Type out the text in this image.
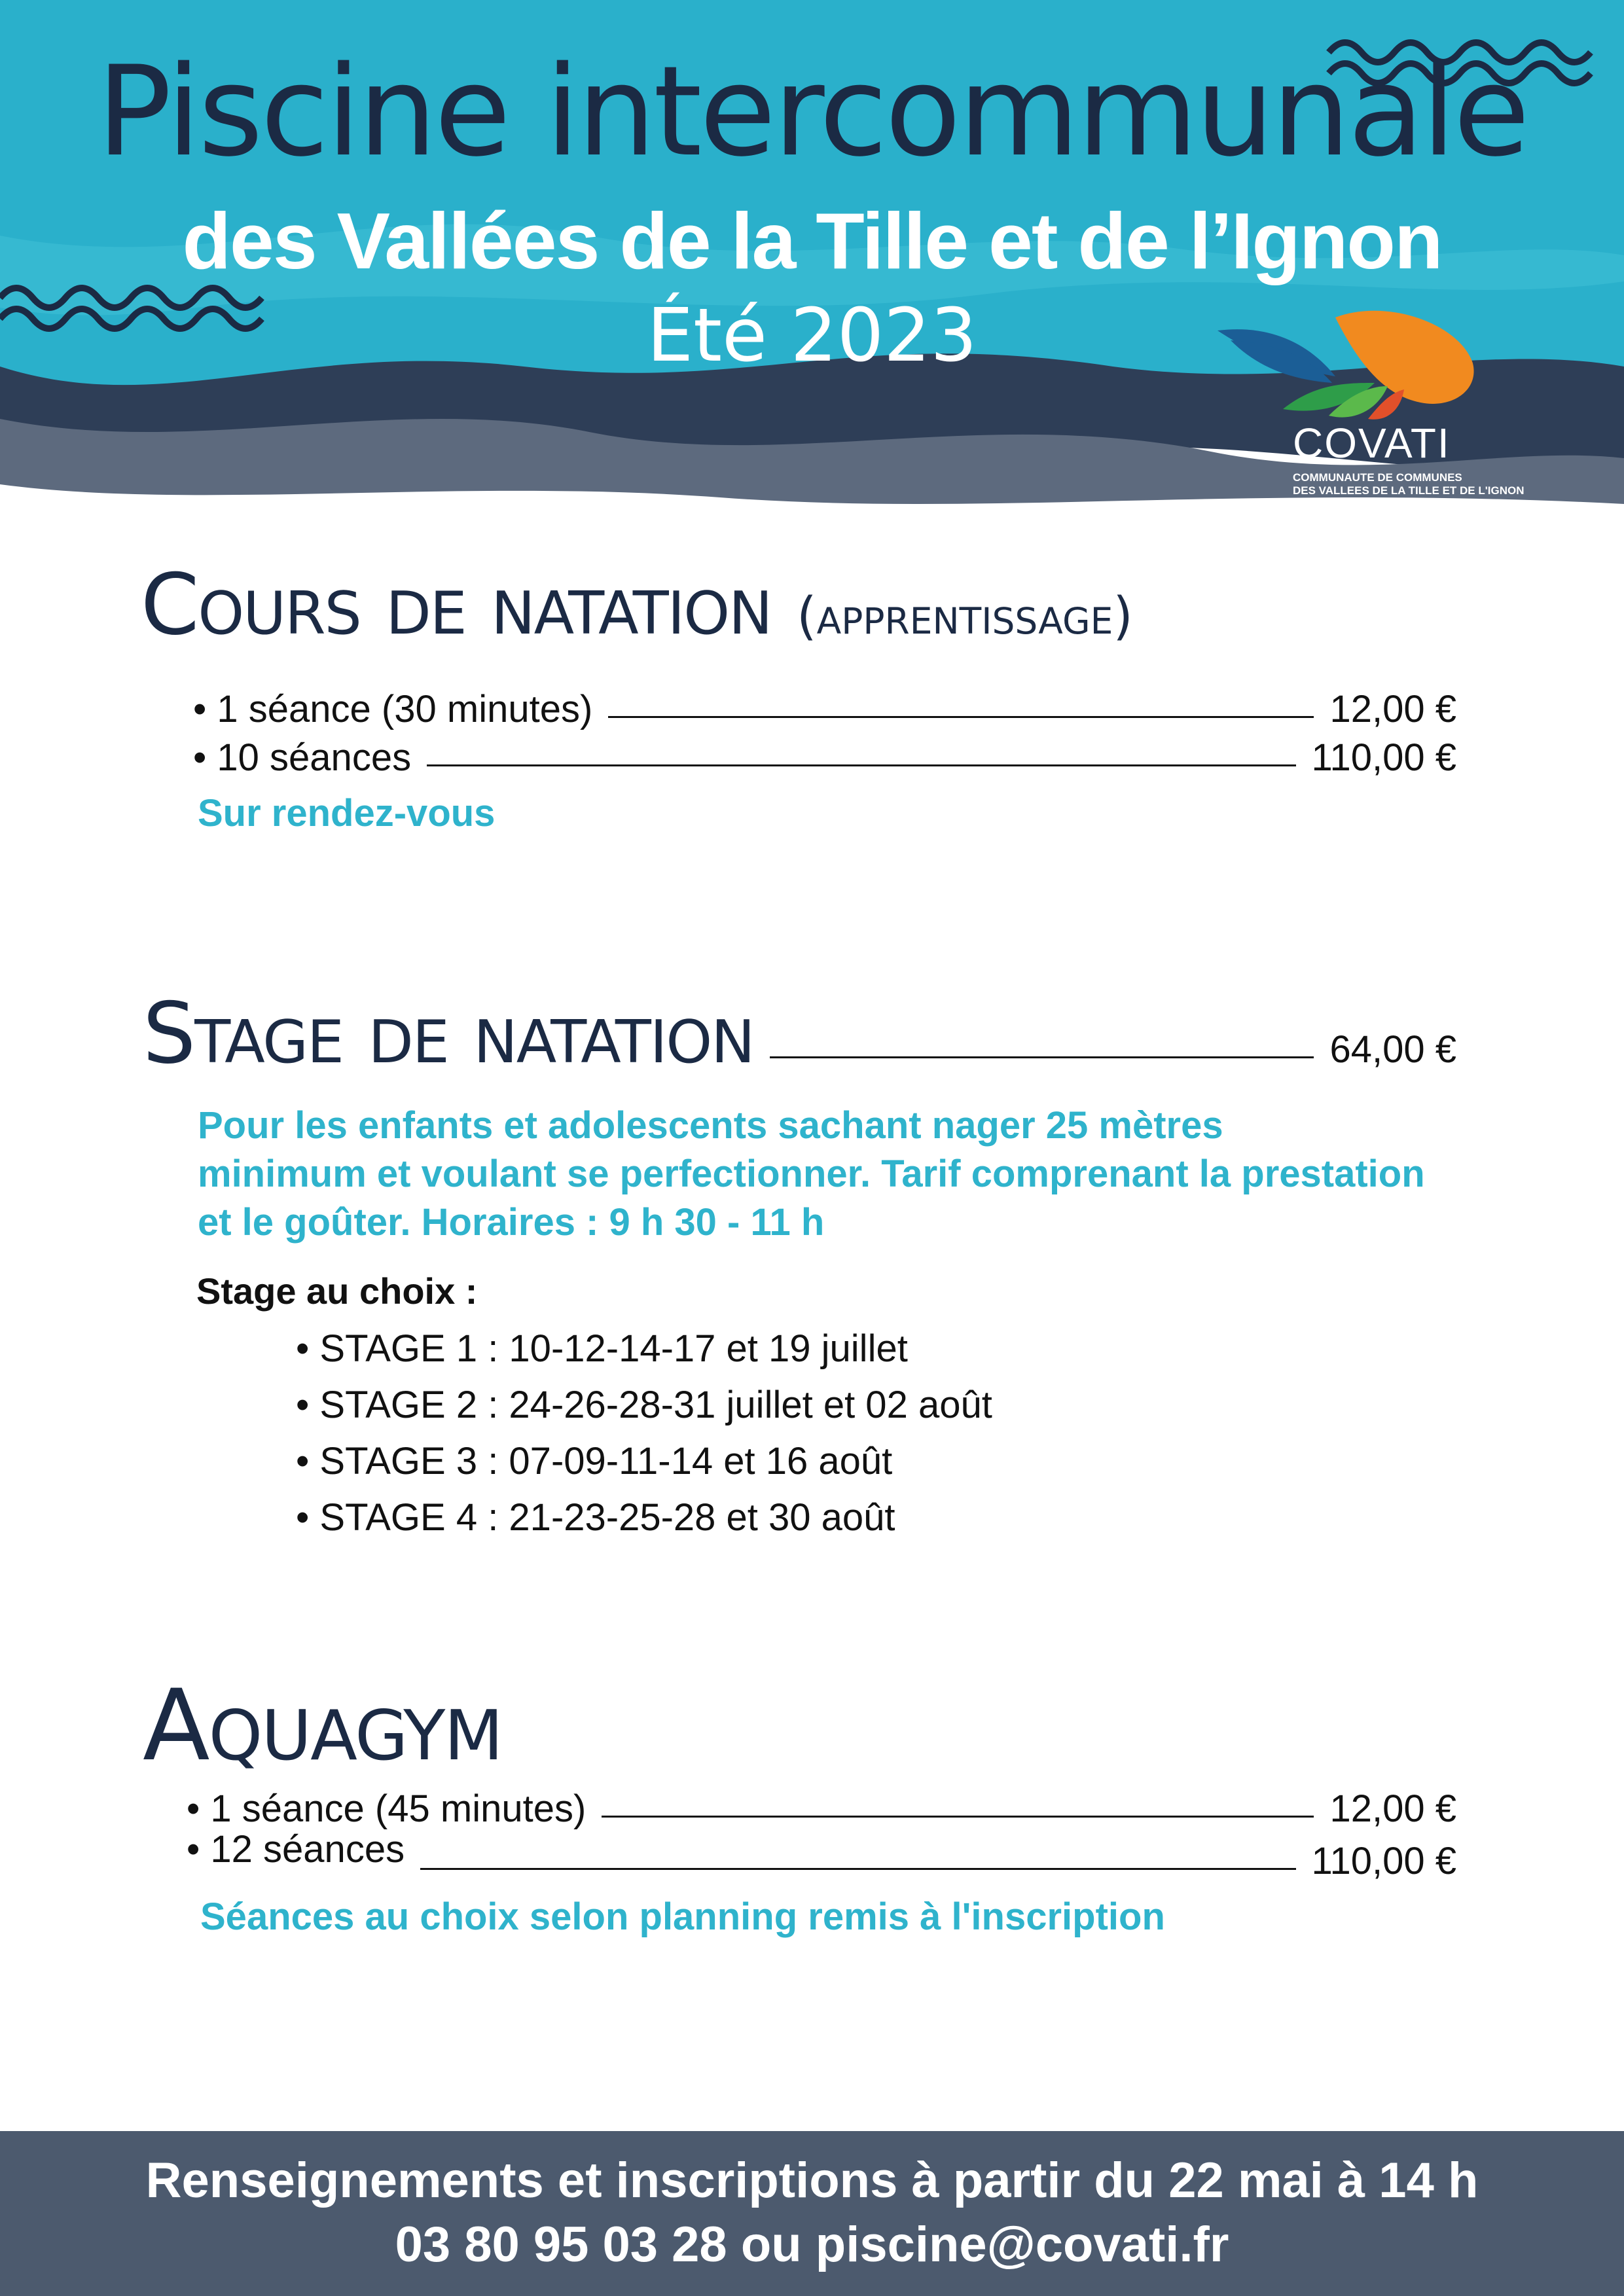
Piscine intercommunale
des Vallées de la Tille et de l’Ignon
Été 2023
COVATI
COMMUNAUTE DE COMMUNES
DES VALLEES DE LA TILLE ET DE L'IGNON
Cours de natation (apprentissage)
• 1 séance (30 minutes)	12,00 €
• 10 séances	110,00 €
Sur rendez-vous
Stage de natation	64,00 €
Pour les enfants et adolescents sachant nager 25 mètres
minimum et voulant se perfectionner. Tarif comprenant la prestation
et le goûter. Horaires : 9 h 30 - 11 h
Stage au choix :
• STAGE 1 : 10-12-14-17 et 19 juillet
• STAGE 2 : 24-26-28-31 juillet et 02 août
• STAGE 3 : 07-09-11-14 et 16 août
• STAGE 4 : 21-23-25-28 et 30 août
Aquagym
• 1 séance (45 minutes)	12,00 €
• 12 séances	110,00 €
Séances au choix selon planning remis à l'inscription
Renseignements et inscriptions à partir du 22 mai à 14 h
03 80 95 03 28 ou piscine@covati.fr
